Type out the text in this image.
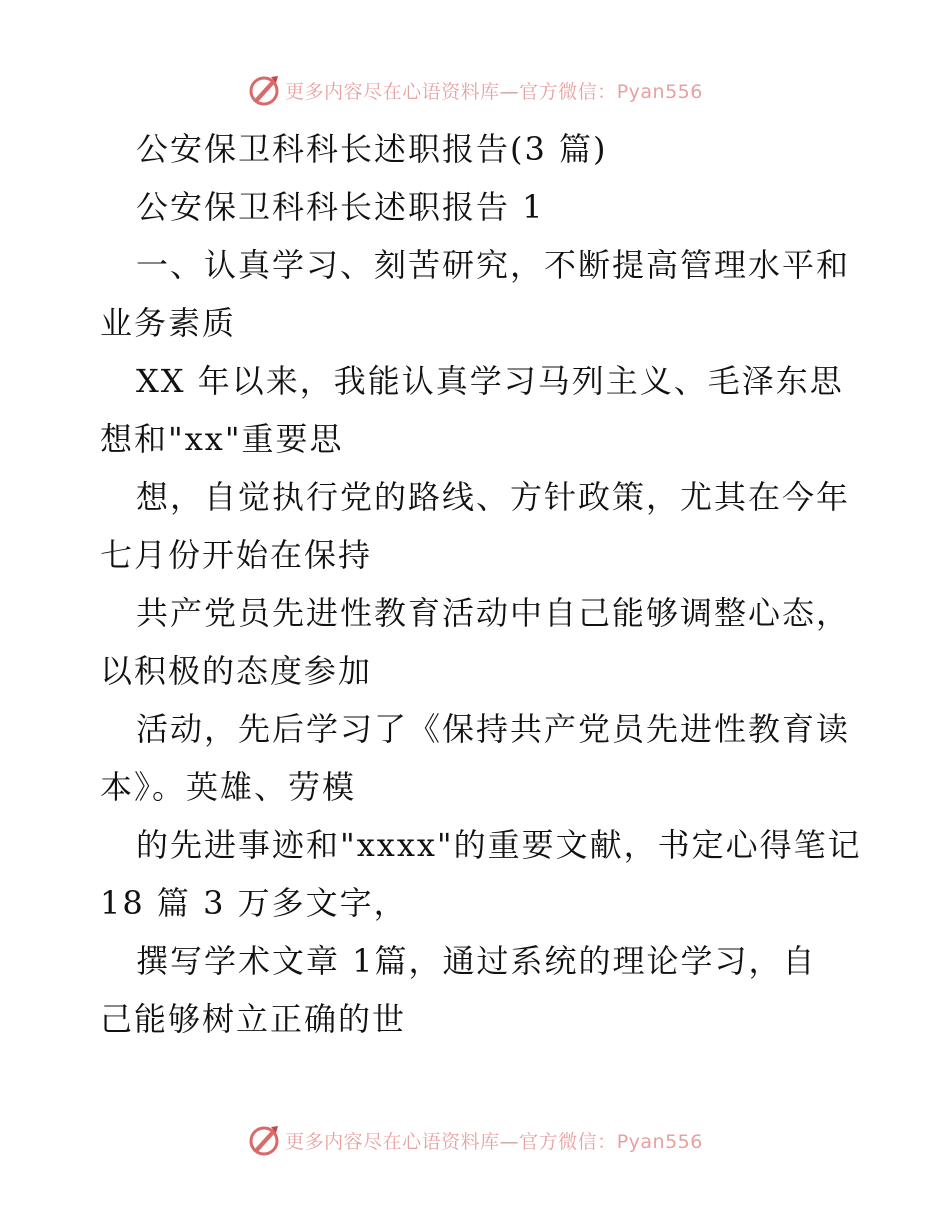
更多内容尽在心语资料库—官方微信：Pyan556

公安保卫科科长述职报告(3 篇)

公安保卫科科长述职报告 1

一、认真学习、刻苦研究，不断提高管理水平和

业务素质

XX 年以来，我能认真学习马列主义、毛泽东思

想和"xx"重要思

想，自觉执行党的路线、方针政策，尤其在今年

七月份开始在保持

共产党员先进性教育活动中自己能够调整心态，

以积极的态度参加

活动，先后学习了《保持共产党员先进性教育读

本》。英雄、劳模

的先进事迹和"xxxx"的重要文献，书定心得笔记

18 篇 3 万多文字，

撰写学术文章 1篇，通过系统的理论学习，自

己能够树立正确的世

更多内容尽在心语资料库—官方微信：Pyan556
